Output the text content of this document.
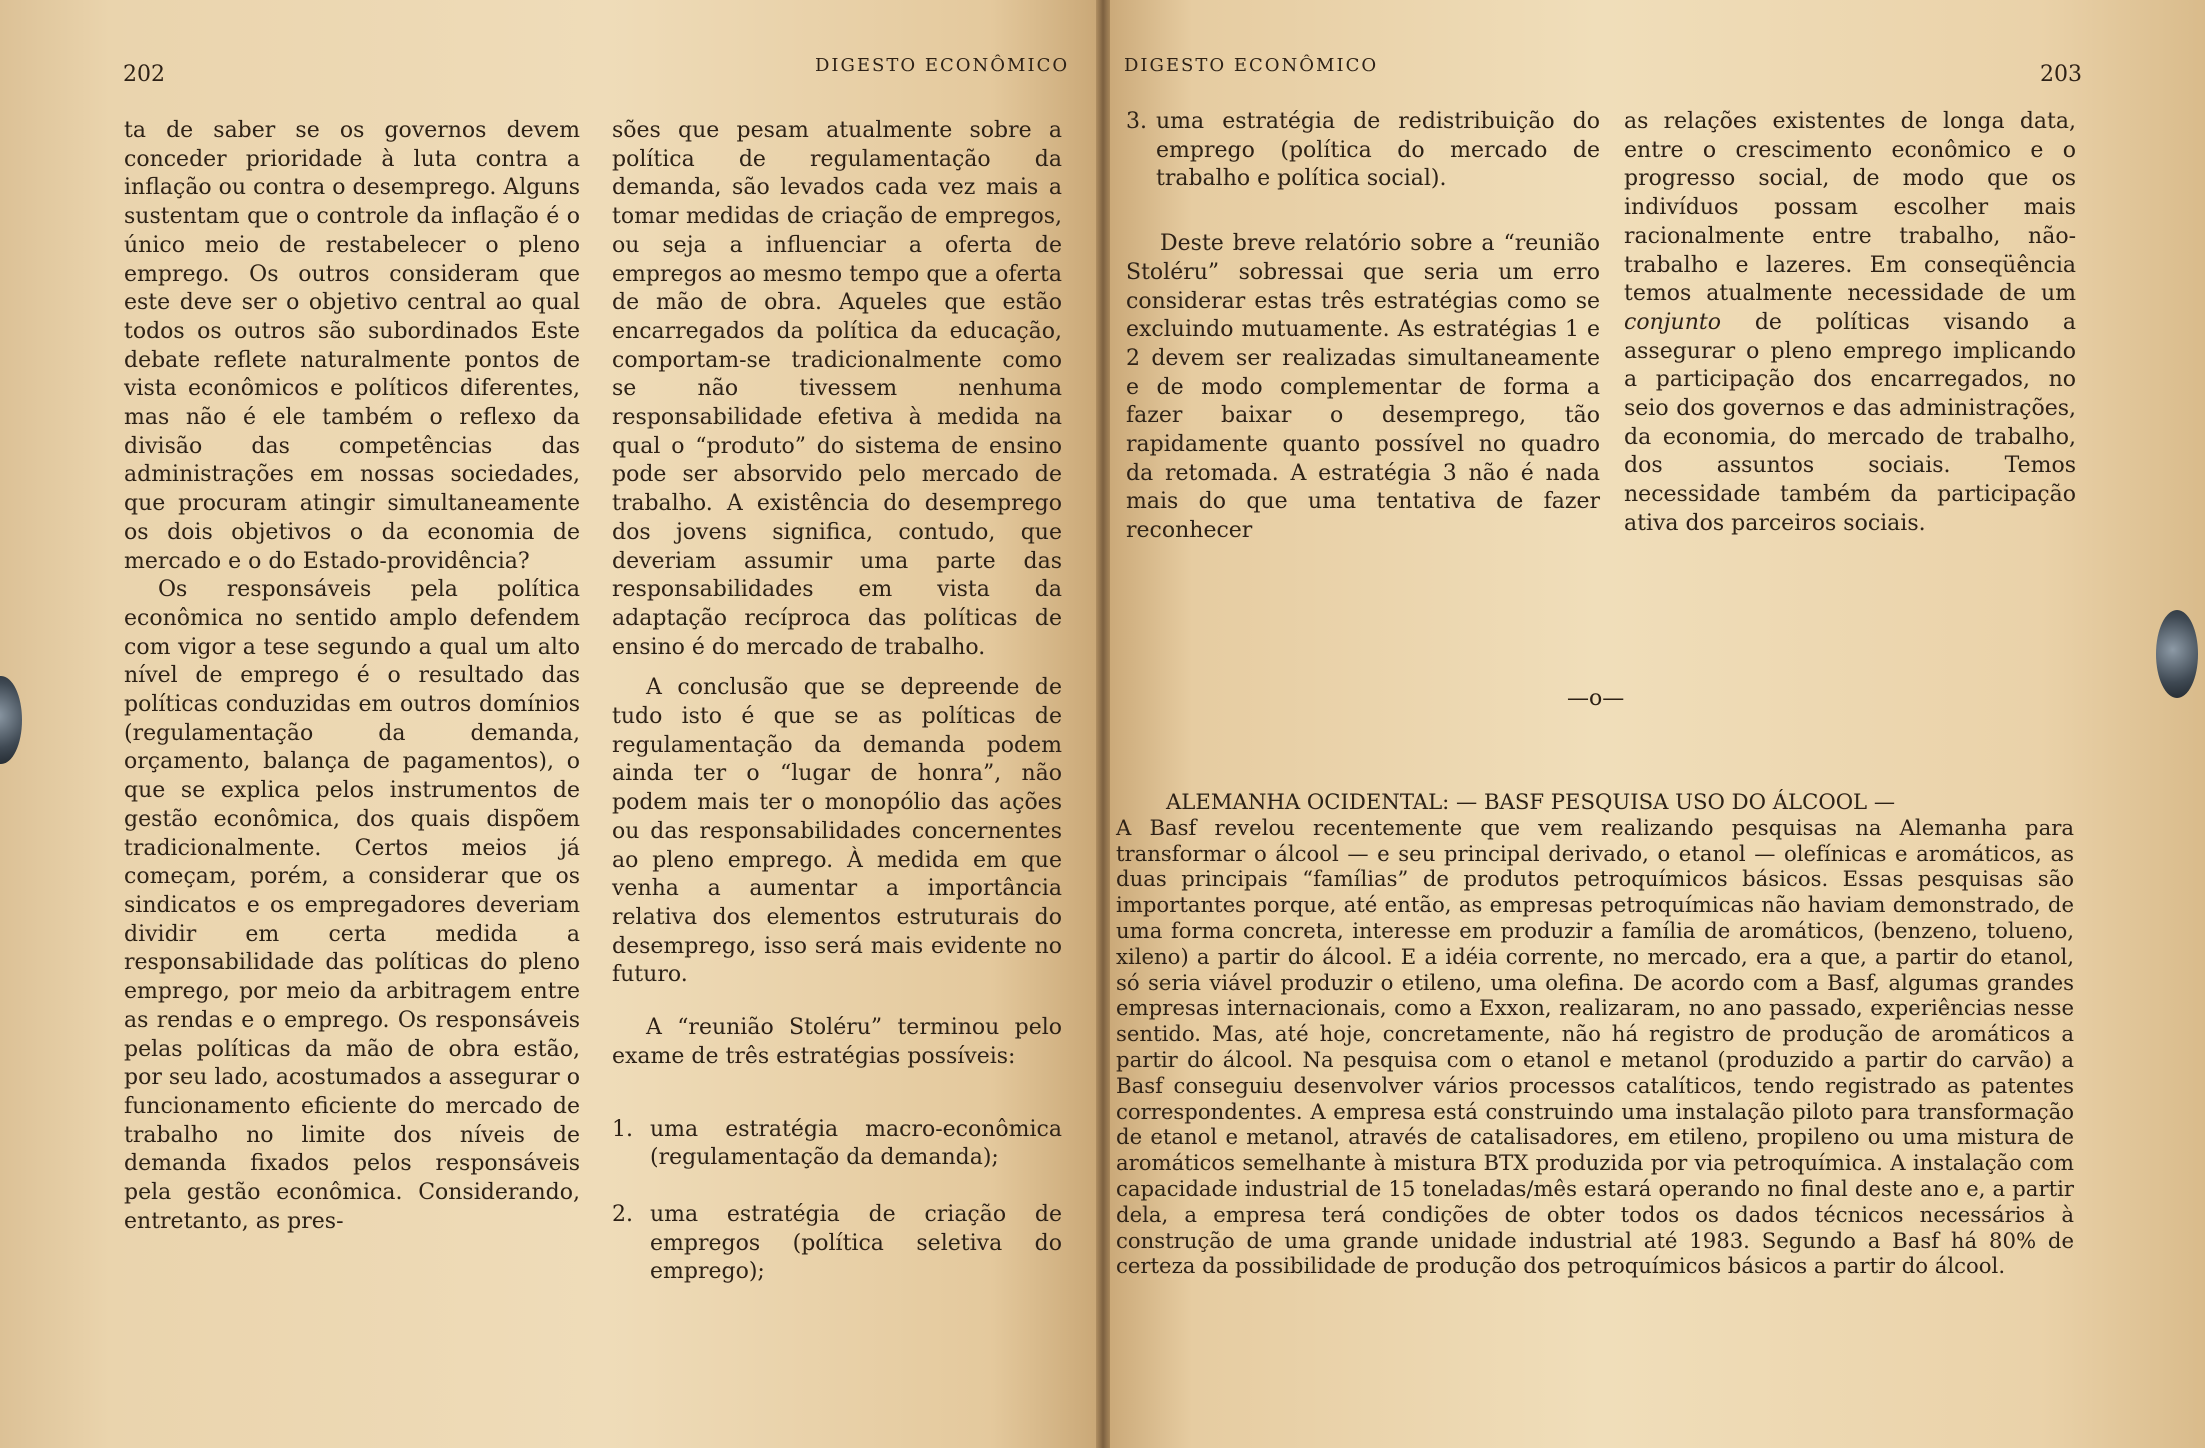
202	DIGESTO ECONÔMICO

ta de saber se os governos devem conceder prioridade à luta contra a inflação ou contra o desemprego. Alguns sustentam que o controle da inflação é o único meio de restabelecer o pleno emprego. Os outros consideram que este deve ser o objetivo central ao qual todos os outros são subordinados Este debate reflete naturalmente pontos de vista econômicos e políticos diferentes, mas não é ele também o reflexo da divisão das competências das administrações em nossas sociedades, que procuram atingir simultaneamente os dois objetivos o da economia de mercado e o do Estado-providência?

Os responsáveis pela política econômica no sentido amplo defendem com vigor a tese segundo a qual um alto nível de emprego é o resultado das políticas conduzidas em outros domínios (regulamentação da demanda, orçamento, balança de pagamentos), o que se explica pelos instrumentos de gestão econômica, dos quais dispõem tradicionalmente. Certos meios já começam, porém, a considerar que os sindicatos e os empregadores deveriam dividir em certa medida a responsabilidade das políticas do pleno emprego, por meio da arbitragem entre as rendas e o emprego. Os responsáveis pelas políticas da mão de obra estão, por seu lado, acostumados a assegurar o funcionamento eficiente do mercado de trabalho no limite dos níveis de demanda fixados pelos responsáveis pela gestão econômica. Considerando, entretanto, as pres-

sões que pesam atualmente sobre a política de regulamentação da demanda, são levados cada vez mais a tomar medidas de criação de empregos, ou seja a influenciar a oferta de empregos ao mesmo tempo que a oferta de mão de obra. Aqueles que estão encarregados da política da educação, comportam-se tradicionalmente como se não tivessem nenhuma responsabilidade efetiva à medida na qual o “produto” do sistema de ensino pode ser absorvido pelo mercado de trabalho. A existência do desemprego dos jovens significa, contudo, que deveriam assumir uma parte das responsabilidades em vista da adaptação recíproca das políticas de ensino é do mercado de trabalho.

A conclusão que se depreende de tudo isto é que se as políticas de regulamentação da demanda podem ainda ter o “lugar de honra”, não podem mais ter o monopólio das ações ou das responsabilidades concernentes ao pleno emprego. À medida em que venha a aumentar a importância relativa dos elementos estruturais do desemprego, isso será mais evidente no futuro.

A “reunião Stoléru” terminou pelo exame de três estratégias possíveis:

1. uma estratégia macro-econômica (regulamentação da demanda);
2. uma estratégia de criação de empregos (política seletiva do emprego);
DIGESTO ECONÔMICO	203
3. uma estratégia de redistribuição do emprego (política do mercado de trabalho e política social).

Deste breve relatório sobre a “reunião Stoléru” sobressai que seria um erro considerar estas três estratégias como se excluindo mutuamente. As estratégias 1 e 2 devem ser realizadas simultaneamente e de modo complementar de forma a fazer baixar o desemprego, tão rapidamente quanto possível no quadro da retomada. A estratégia 3 não é nada mais do que uma tentativa de fazer reconhecer

as relações existentes de longa data, entre o crescimento econômico e o progresso social, de modo que os indivíduos possam escolher mais racionalmente entre trabalho, não-trabalho e lazeres. Em conseqüência temos atualmente necessidade de um conjunto de políticas visando a assegurar o pleno emprego implicando a participação dos encarregados, no seio dos governos e das administrações, da economia, do mercado de trabalho, dos assuntos sociais. Temos necessidade também da participação ativa dos parceiros sociais.

—o—
ALEMANHA OCIDENTAL: — BASF PESQUISA USO DO ÁLCOOL —
A Basf revelou recentemente que vem realizando pesquisas na Alemanha para transformar o álcool — e seu principal derivado, o etanol — olefínicas e aromáticos, as duas principais “famílias” de produtos petroquímicos básicos. Essas pesquisas são importantes porque, até então, as empresas petroquímicas não haviam demonstrado, de uma forma concreta, interesse em produzir a família de aromáticos, (benzeno, tolueno, xileno) a partir do álcool. E a idéia corrente, no mercado, era a que, a partir do etanol, só seria viável produzir o etileno, uma olefina. De acordo com a Basf, algumas grandes empresas internacionais, como a Exxon, realizaram, no ano passado, experiências nesse sentido. Mas, até hoje, concretamente, não há registro de produção de aromáticos a partir do álcool. Na pesquisa com o etanol e metanol (produzido a partir do carvão) a Basf conseguiu desenvolver vários processos catalíticos, tendo registrado as patentes correspondentes. A empresa está construindo uma instalação piloto para transformação de etanol e metanol, através de catalisadores, em etileno, propileno ou uma mistura de aromáticos semelhante à mistura BTX produzida por via petroquímica. A instalação com capacidade industrial de 15 toneladas/mês estará operando no final deste ano e, a partir dela, a empresa terá condições de obter todos os dados técnicos necessários à construção de uma grande unidade industrial até 1983. Segundo a Basf há 80% de certeza da possibilidade de produção dos petroquímicos básicos a partir do álcool.
